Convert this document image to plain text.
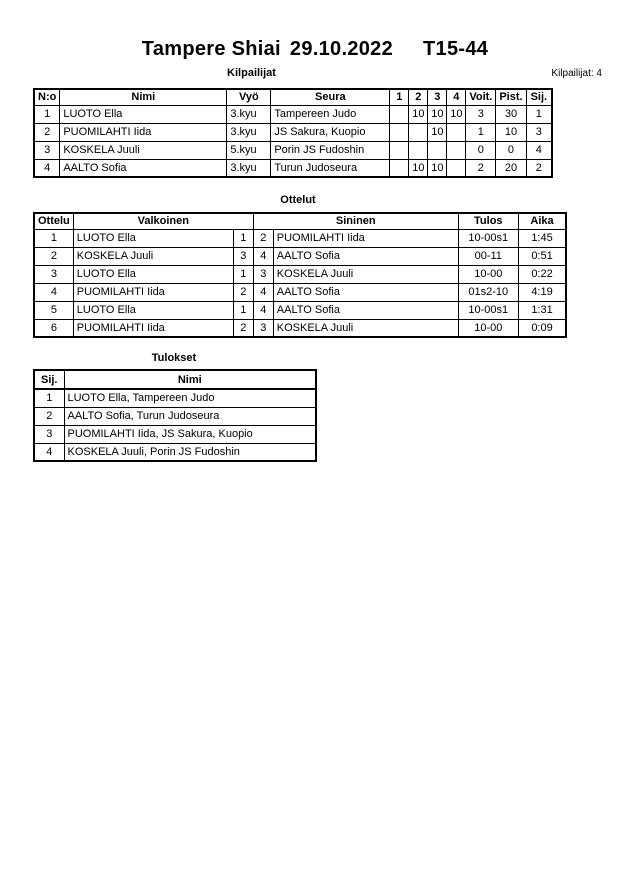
Tampere Shiai 29.10.2022 T15-44
Kilpailijat: 4
Kilpailijat
N:o	Nimi	Vyö	Seura	1	2	3	4	Voit.	Pist.	Sij.
1	LUOTO Ella	3.kyu	Tampereen Judo		10	10	10	3	30	1
2	PUOMILAHTI Iida	3.kyu	JS Sakura, Kuopio			10		1	10	3
3	KOSKELA Juuli	5.kyu	Porin JS Fudoshin					0	0	4
4	AALTO Sofia	3.kyu	Turun Judoseura		10	10		2	20	2
Ottelut
Ottelu	Valkoinen		Sininen		Tulos	Aika
1	LUOTO Ella	1	2	PUOMILAHTI Iida	10-00s1	1:45
2	KOSKELA Juuli	3	4	AALTO Sofia	00-11	0:51
3	LUOTO Ella	1	3	KOSKELA Juuli	10-00	0:22
4	PUOMILAHTI Iida	2	4	AALTO Sofia	01s2-10	4:19
5	LUOTO Ella	1	4	AALTO Sofia	10-00s1	1:31
6	PUOMILAHTI Iida	2	3	KOSKELA Juuli	10-00	0:09
Tulokset
Sij.	Nimi
1	LUOTO Ella, Tampereen Judo
2	AALTO Sofia, Turun Judoseura
3	PUOMILAHTI Iida, JS Sakura, Kuopio
4	KOSKELA Juuli, Porin JS Fudoshin
